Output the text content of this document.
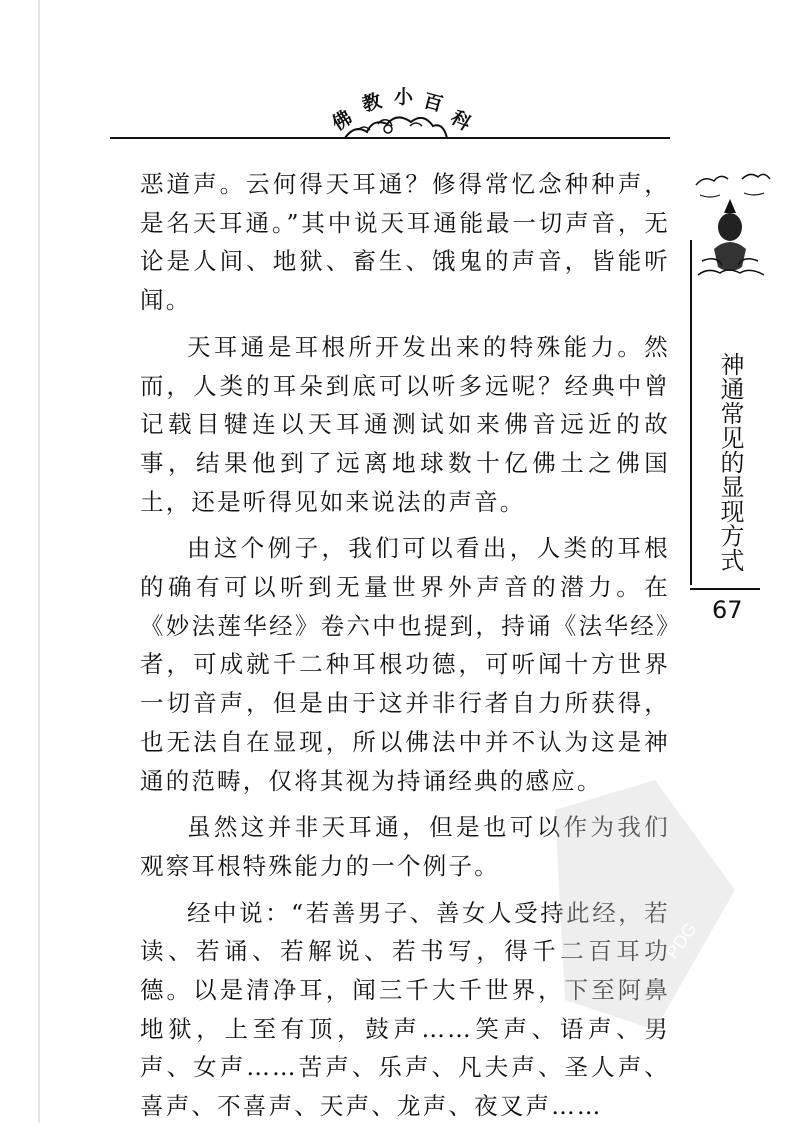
佛
教 小 百
科

恶道声。云何得天耳通？修得常忆念种种声，是名天耳通。”其中说天耳通能最一切声音，无论是人间、地狱、畜生、饿鬼的声音，皆能听闻。

天耳通是耳根所开发出来的特殊能力。然而，人类的耳朵到底可以听多远呢？经典中曾记载目犍连以天耳通测试如来佛音远近的故事，结果他到了远离地球数十亿佛土之佛国土，还是听得见如来说法的声音。

由这个例子，我们可以看出，人类的耳根的确有可以听到无量世界外声音的潜力。在《妙法莲华经》卷六中也提到，持诵《法华经》者，可成就千二种耳根功德，可听闻十方世界一切音声，但是由于这并非行者自力所获得，也无法自在显现，所以佛法中并不认为这是神通的范畴，仅将其视为持诵经典的感应。

虽然这并非天耳通，但是也可以作为我们观察耳根特殊能力的一个例子。

经中说：“若善男子、善女人受持此经，若读、若诵、若解说、若书写，得千二百耳功德。以是清净耳，闻三千大千世界，下至阿鼻地狱，上至有顶，鼓声……笑声、语声、男声、女声……苦声、乐声、凡夫声、圣人声、喜声、不喜声、天声、龙声、夜叉声……

神通常见的显现方式
67
PDG
